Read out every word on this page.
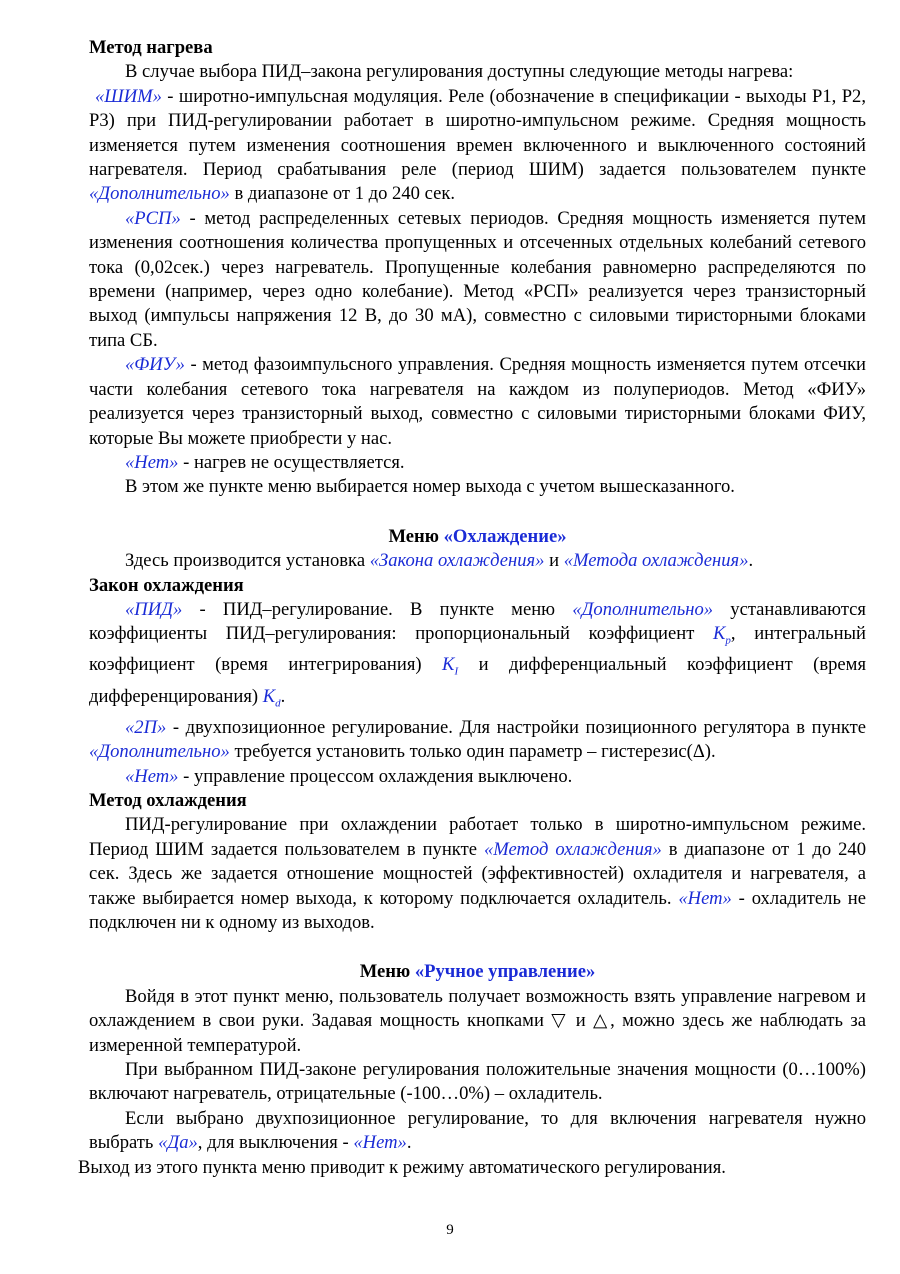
Метод нагрева

В случае выбора ПИД–закона регулирования доступны следующие методы нагрева:

«ШИМ» - широтно-импульсная модуляция. Реле (обозначение в спецификации - выходы Р1, Р2, Р3) при ПИД-регулировании работает в широтно-импульсном режиме. Средняя мощность изменяется путем изменения соотношения времен включенного и выключенного состояний нагревателя. Период срабатывания реле (период ШИМ) задается пользователем пункте «Дополнительно» в диапазоне от 1 до 240 сек.

«РСП» - метод распределенных сетевых периодов. Средняя мощность изменяется путем изменения соотношения количества пропущенных и отсеченных отдельных колебаний сетевого тока (0,02сек.) через нагреватель. Пропущенные колебания равномерно распределяются по времени (например, через одно колебание). Метод «РСП» реализуется через транзисторный выход (импульсы напряжения 12 В, до 30 мА), совместно с силовыми тиристорными блоками типа СБ.

«ФИУ» - метод фазоимпульсного управления. Средняя мощность изменяется путем отсечки части колебания сетевого тока нагревателя на каждом из полупериодов. Метод «ФИУ» реализуется через транзисторный выход, совместно с силовыми тиристорными блоками ФИУ, которые Вы можете приобрести у нас.

«Нет» - нагрев не осуществляется.

В этом же пункте меню выбирается номер выхода с учетом вышесказанного.

Меню «Охлаждение»

Здесь производится установка «Закона охлаждения» и «Метода охлаждения».

Закон охлаждения

«ПИД» - ПИД–регулирование. В пункте меню «Дополнительно» устанавливаются коэффициенты ПИД–регулирования: пропорциональный коэффициент $K_p$, интегральный коэффициент (время интегрирования) $K_I$ и дифференциальный коэффициент (время дифференцирования) $K_d$.

«2П» - двухпозиционное регулирование. Для настройки позиционного регулятора в пункте «Дополнительно» требуется установить только один параметр – гистерезис(Δ).

«Нет» - управление процессом охлаждения выключено.

Метод охлаждения

ПИД-регулирование при охлаждении работает только в широтно-импульсном режиме. Период ШИМ задается пользователем в пункте «Метод охлаждения» в диапазоне от 1 до 240 сек. Здесь же задается отношение мощностей (эффективностей) охладителя и нагревателя, а также выбирается номер выхода, к которому подключается охладитель. «Нет» - охладитель не подключен ни к одному из выходов.

Меню «Ручное управление»

Войдя в этот пункт меню, пользователь получает возможность взять управление нагревом и охлаждением в свои руки. Задавая мощность кнопками ▽ и △, можно здесь же наблюдать за измеренной температурой.

При выбранном ПИД-законе регулирования положительные значения мощности (0…100%) включают нагреватель, отрицательные (-100…0%) – охладитель.

Если выбрано двухпозиционное регулирование, то для включения нагревателя нужно выбрать «Да», для выключения - «Нет».

Выход из этого пункта меню приводит к режиму автоматического регулирования.

9
